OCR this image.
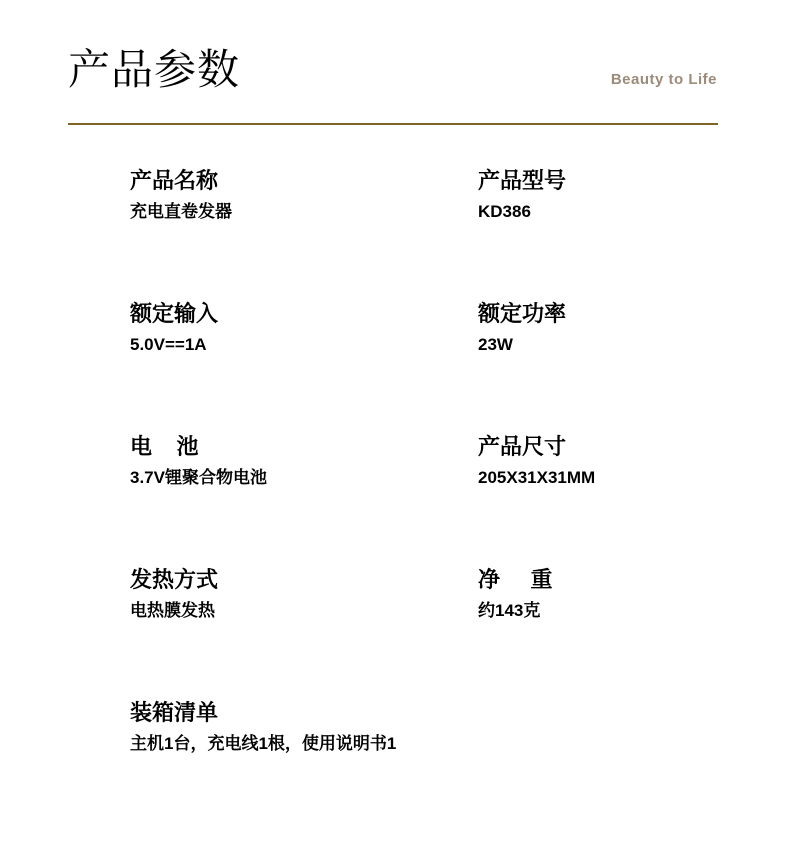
产品参数	Beauty to Life
产品名称
充电直卷发器
产品型号
KD386
额定输入
5.0V==1A
额定功率
23W
电    池
3.7V锂聚合物电池
产品尺寸
205X31X31MM
发热方式
电热膜发热
净     重
约143克
装箱清单
主机1台，充电线1根，使用说明书1
